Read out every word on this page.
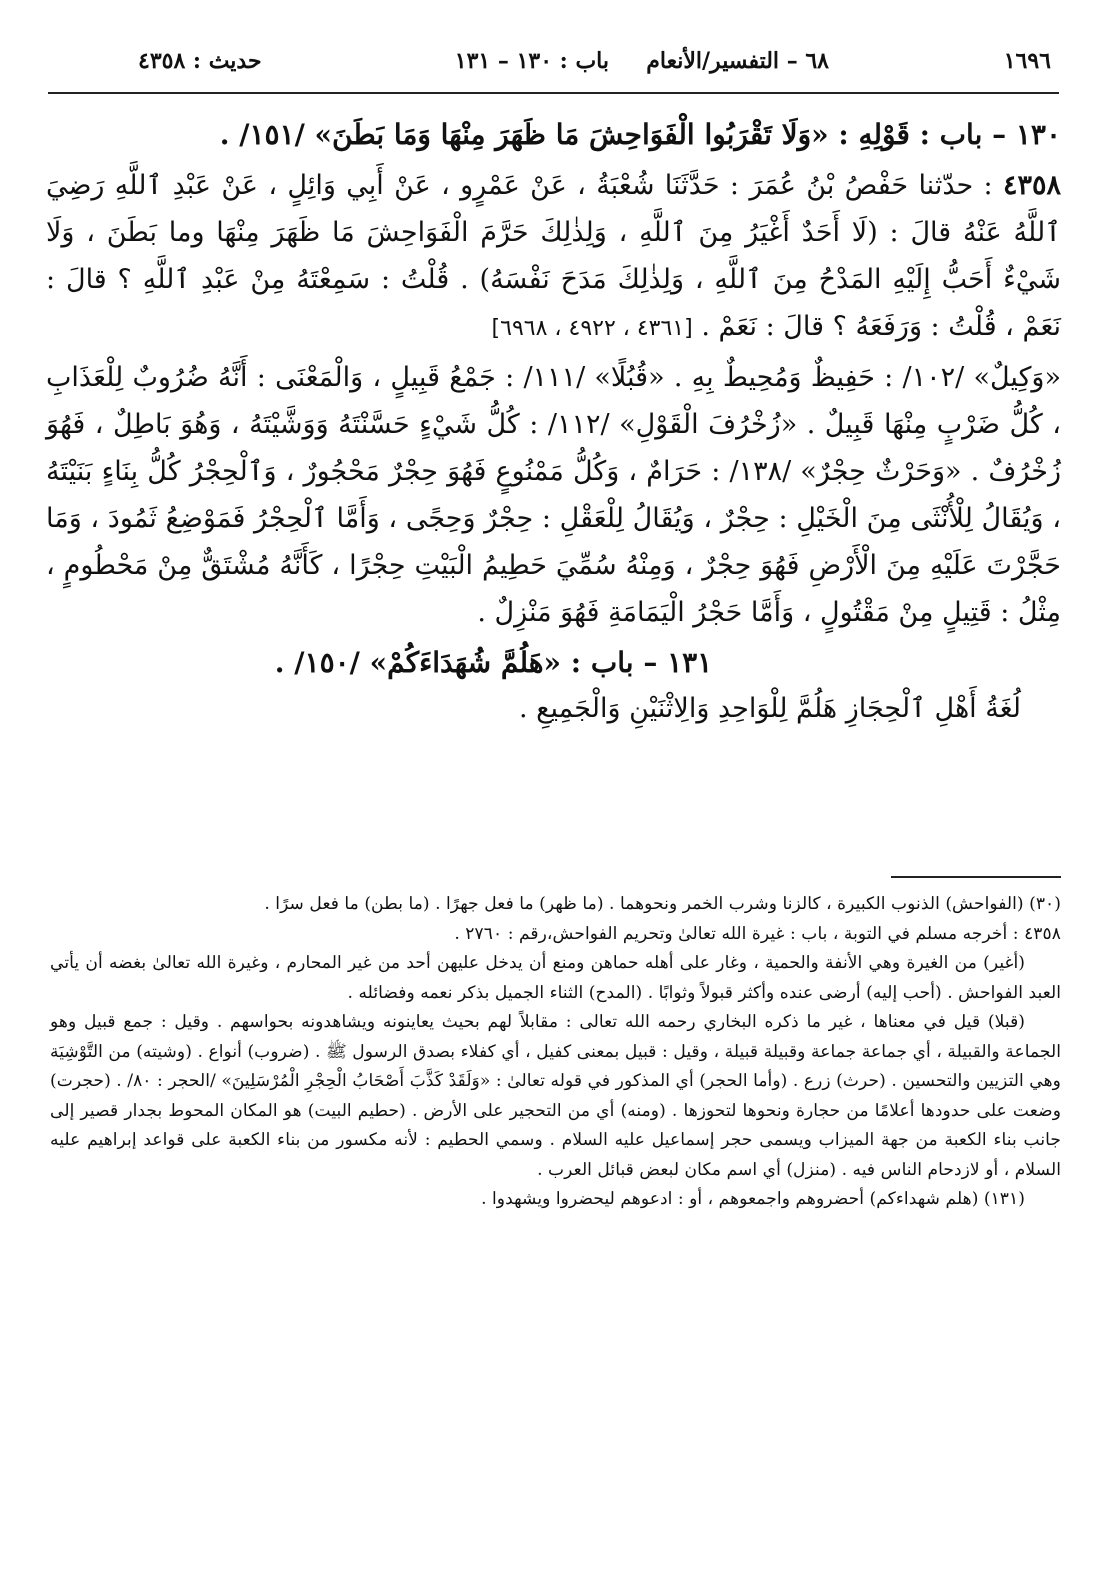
١٦٩٦
٦٨ – التفسير/الأنعام
باب : ١٣٠ – ١٣١
حديث : ٤٣٥٨

١٣٠ – باب : قَوْلِهِ : «وَلَا تَقْرَبُوا الْفَوَاحِشَ مَا ظَهَرَ مِنْهَا وَمَا بَطَنَ» /١٥١/ .

٤٣٥٨ : حدّثنا حَفْصُ بْنُ عُمَرَ : حَدَّثَنَا شُعْبَةُ ، عَنْ عَمْرٍو ، عَنْ أَبِي وَائِلٍ ، عَنْ عَبْدِ ٱللَّهِ رَضِيَ ٱللَّهُ عَنْهُ قالَ : (لَا أَحَدٌ أَغْيَرُ مِنَ ٱللَّهِ ، وَلِذٰلِكَ حَرَّمَ الْفَوَاحِشَ مَا ظَهَرَ مِنْهَا وما بَطَنَ ، وَلَا شَيْءٌ أَحَبُّ إِلَيْهِ المَدْحُ مِنَ ٱللَّهِ ، وَلِذٰلِكَ مَدَحَ نَفْسَهُ) . قُلْتُ : سَمِعْتَهُ مِنْ عَبْدِ ٱللَّهِ ؟ قالَ : نَعَمْ ، قُلْتُ : وَرَفَعَهُ ؟ قالَ : نَعَمْ . [٤٣٦١ ، ٤٩٢٢ ، ٦٩٦٨]

«وَكِيلٌ» /١٠٢/ : حَفِيظٌ وَمُحِيطٌ بِهِ . «قُبُلًا» /١١١/ : جَمْعُ قَبِيلٍ ، وَالْمَعْنَى : أَنَّهُ ضُرُوبٌ لِلْعَذَابِ ، كُلُّ ضَرْبٍ مِنْهَا قَبِيلٌ . «زُخْرُفَ الْقَوْلِ» /١١٢/ : كُلُّ شَيْءٍ حَسَّنْتَهُ وَوَشَّيْتَهُ ، وَهُوَ بَاطِلٌ ، فَهُوَ زُخْرُفٌ . «وَحَرْثٌ حِجْرٌ» /١٣٨/ : حَرَامٌ ، وَكُلُّ مَمْنُوعٍ فَهُوَ حِجْرٌ مَحْجُورٌ ، وَٱلْحِجْرُ كُلُّ بِنَاءٍ بَنَيْتَهُ ، وَيُقَالُ لِلْأُنْثَى مِنَ الْخَيْلِ : حِجْرٌ ، وَيُقَالُ لِلْعَقْلِ : حِجْرٌ وَحِجًى ، وَأَمَّا ٱلْحِجْرُ فَمَوْضِعُ ثَمُودَ ، وَمَا حَجَّرْتَ عَلَيْهِ مِنَ الْأَرْضِ فَهُوَ حِجْرٌ ، وَمِنْهُ سُمِّيَ حَطِيمُ الْبَيْتِ حِجْرًا ، كَأَنَّهُ مُشْتَقٌّ مِنْ مَحْطُومٍ ، مِثْلُ : قَتِيلٍ مِنْ مَقْتُولٍ ، وَأَمَّا حَجْرُ الْيَمَامَةِ فَهُوَ مَنْزِلٌ .

١٣١ – باب : «هَلُمَّ شُهَدَاءَكُمْ» /١٥٠/ .

لُغَةُ أَهْلِ ٱلْحِجَازِ هَلُمَّ لِلْوَاحِدِ وَالِاثْنَيْنِ وَالْجَمِيعِ .

(٣٠) (الفواحش) الذنوب الكبيرة ، كالزنا وشرب الخمر ونحوهما . (ما ظهر) ما فعل جهرًا . (ما بطن) ما فعل سرًا .

٤٣٥٨ : أخرجه مسلم في التوبة ، باب : غيرة الله تعالىٰ وتحريم الفواحش،رقم : ٢٧٦٠ .

(أغير) من الغيرة وهي الأنفة والحمية ، وغار على أهله حماهن ومنع أن يدخل عليهن أحد من غير المحارم ، وغيرة الله تعالىٰ بغضه أن يأتي العبد الفواحش . (أحب إليه) أرضى عنده وأكثر قبولاً وثوابًا . (المدح) الثناء الجميل بذكر نعمه وفضائله .

(قبلا) قيل في معناها ، غير ما ذكره البخاري رحمه الله تعالى : مقابلاً لهم بحيث يعاينونه ويشاهدونه بحواسهم . وقيل : جمع قبيل وهو الجماعة والقبيلة ، أي جماعة جماعة وقبيلة قبيلة ، وقيل : قبيل بمعنى كفيل ، أي كفلاء بصدق الرسول ﷺ . (ضروب) أنواع . (وشيته) من التَّوْشِيَة وهي التزيين والتحسين . (حرث) زرع . (وأما الحجر) أي المذكور في قوله تعالىٰ : «وَلَقَدْ كَذَّبَ أَصْحَابُ الْحِجْرِ الْمُرْسَلِينَ» /الحجر : ٨٠/ . (حجرت) وضعت على حدودها أعلامًا من حجارة ونحوها لتحوزها . (ومنه) أي من التحجير على الأرض . (حطيم البيت) هو المكان المحوط بجدار قصير إلى جانب بناء الكعبة من جهة الميزاب ويسمى حجر إسماعيل عليه السلام . وسمي الحطيم : لأنه مكسور من بناء الكعبة على قواعد إبراهيم عليه السلام ، أو لازدحام الناس فيه . (منزل) أي اسم مكان لبعض قبائل العرب .

(١٣١) (هلم شهداءكم) أحضروهم واجمعوهم ، أو : ادعوهم ليحضروا ويشهدوا .
